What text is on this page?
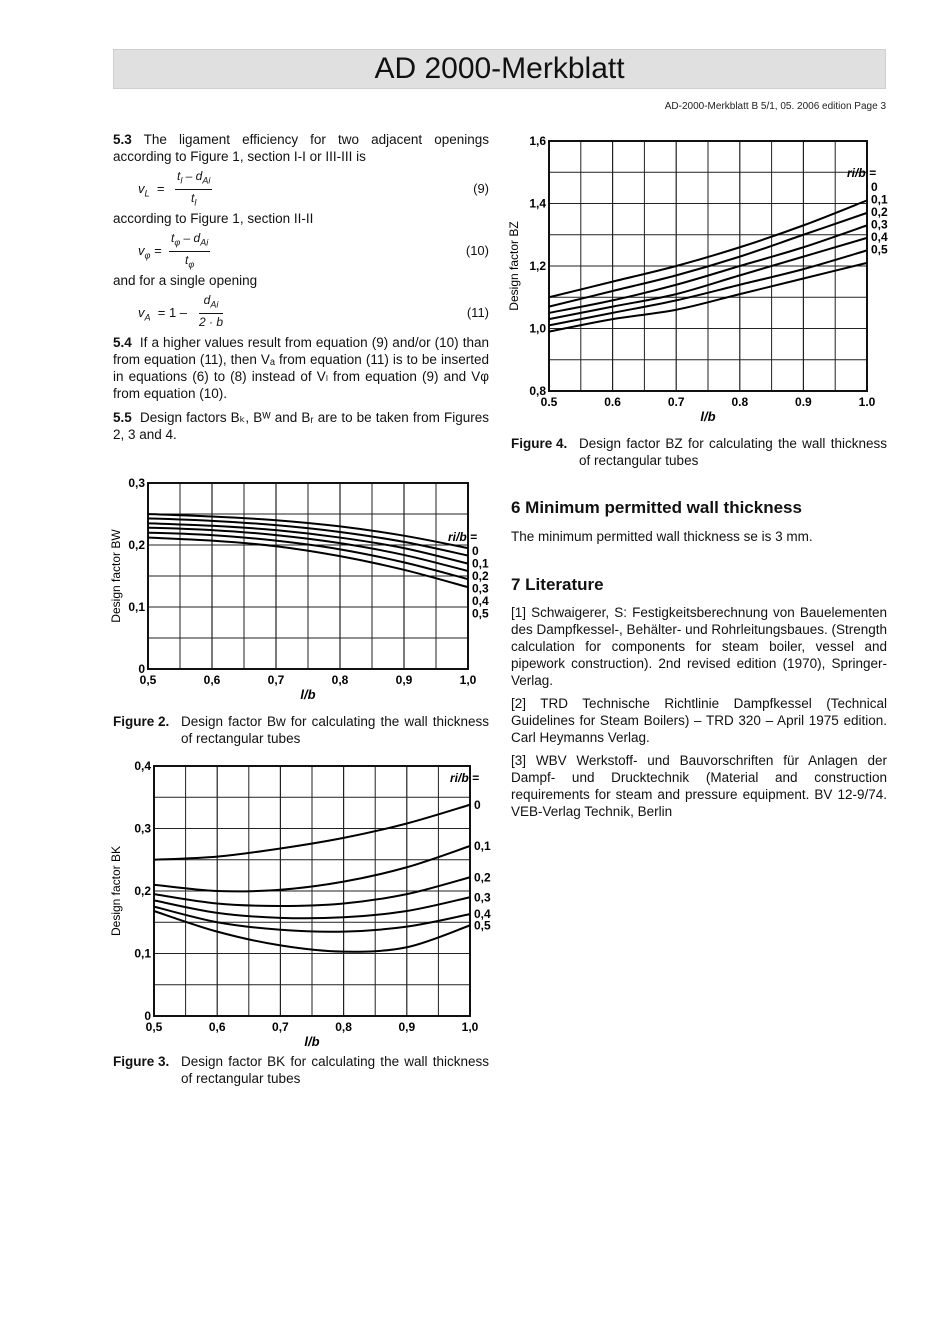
AD 2000-Merkblatt
AD-2000-Merkblatt B 5/1, 05. 2006 edition Page 3
5.3 The ligament efficiency for two adjacent openings according to Figure 1, section I-I or III-III is
$v_L$  =
$t_l - d_{Ai}$
$t_l$
(9)
according to Figure 1, section II-II
$v_\varphi$ =
$t_\varphi - d_{Ai}$
$t_\varphi$
(10)
and for a single opening
$v_A = 1$ –
$d_{Ai}$
2 · b
(11)
5.4 If a higher values result from equation (9) and/or (10) than from equation (11), then Vₐ from equation (11) is to be inserted in equations (6) to (8) instead of Vₗ from equation (9) and Vφ from equation (10).
5.5 Design factors Bₖ, Bᵂ and Bᵣ are to be taken from Figures 2, 3 and 4.
0,5	0,6	0,7	0,8	0,9	1,0
0
0,1
0,2
0,3
l/b
Design factor BW	ri/b =
0
0,1
0,2
0,3
0,4
0,5
Figure 2. Design factor Bw for calculating the wall thickness of rectangular tubes
0,5	0,6	0,7	0,8	0,9	1,0
0
0,1
0,2
0,3
0,4
l/b
Design factor BK
ri/b =
0
0,1
0,2
0,3
0,4
0,5
Figure 3. Design factor BK for calculating the wall thickness of rectangular tubes
0.5	0.6	0.7	0.8	0.9	1.0
0,8
1,0
1,2
1,4
1,6
l/b
Design factor BZ
ri/b =
0
0,1
0,2
0,3
0,4
0,5
Figure 4. Design factor BZ for calculating the wall thickness of rectangular tubes
6 Minimum permitted wall thickness
The minimum permitted wall thickness se is 3 mm.
7 Literature
[1] Schwaigerer, S: Festigkeitsberechnung von Bauelementen des Dampfkessel-, Behälter- und Rohrleitungsbaues. (Strength calculation for components for steam boiler, vessel and pipework construction). 2nd revised edition (1970), Springer-Verlag.
[2] TRD Technische Richtlinie Dampfkessel (Technical Guidelines for Steam Boilers) – TRD 320 – April 1975 edition. Carl Heymanns Verlag.
[3] WBV Werkstoff- und Bauvorschriften für Anlagen der Dampf- und Drucktechnik (Material and construction requirements for steam and pressure equipment. BV 12-9/74. VEB-Verlag Technik, Berlin
